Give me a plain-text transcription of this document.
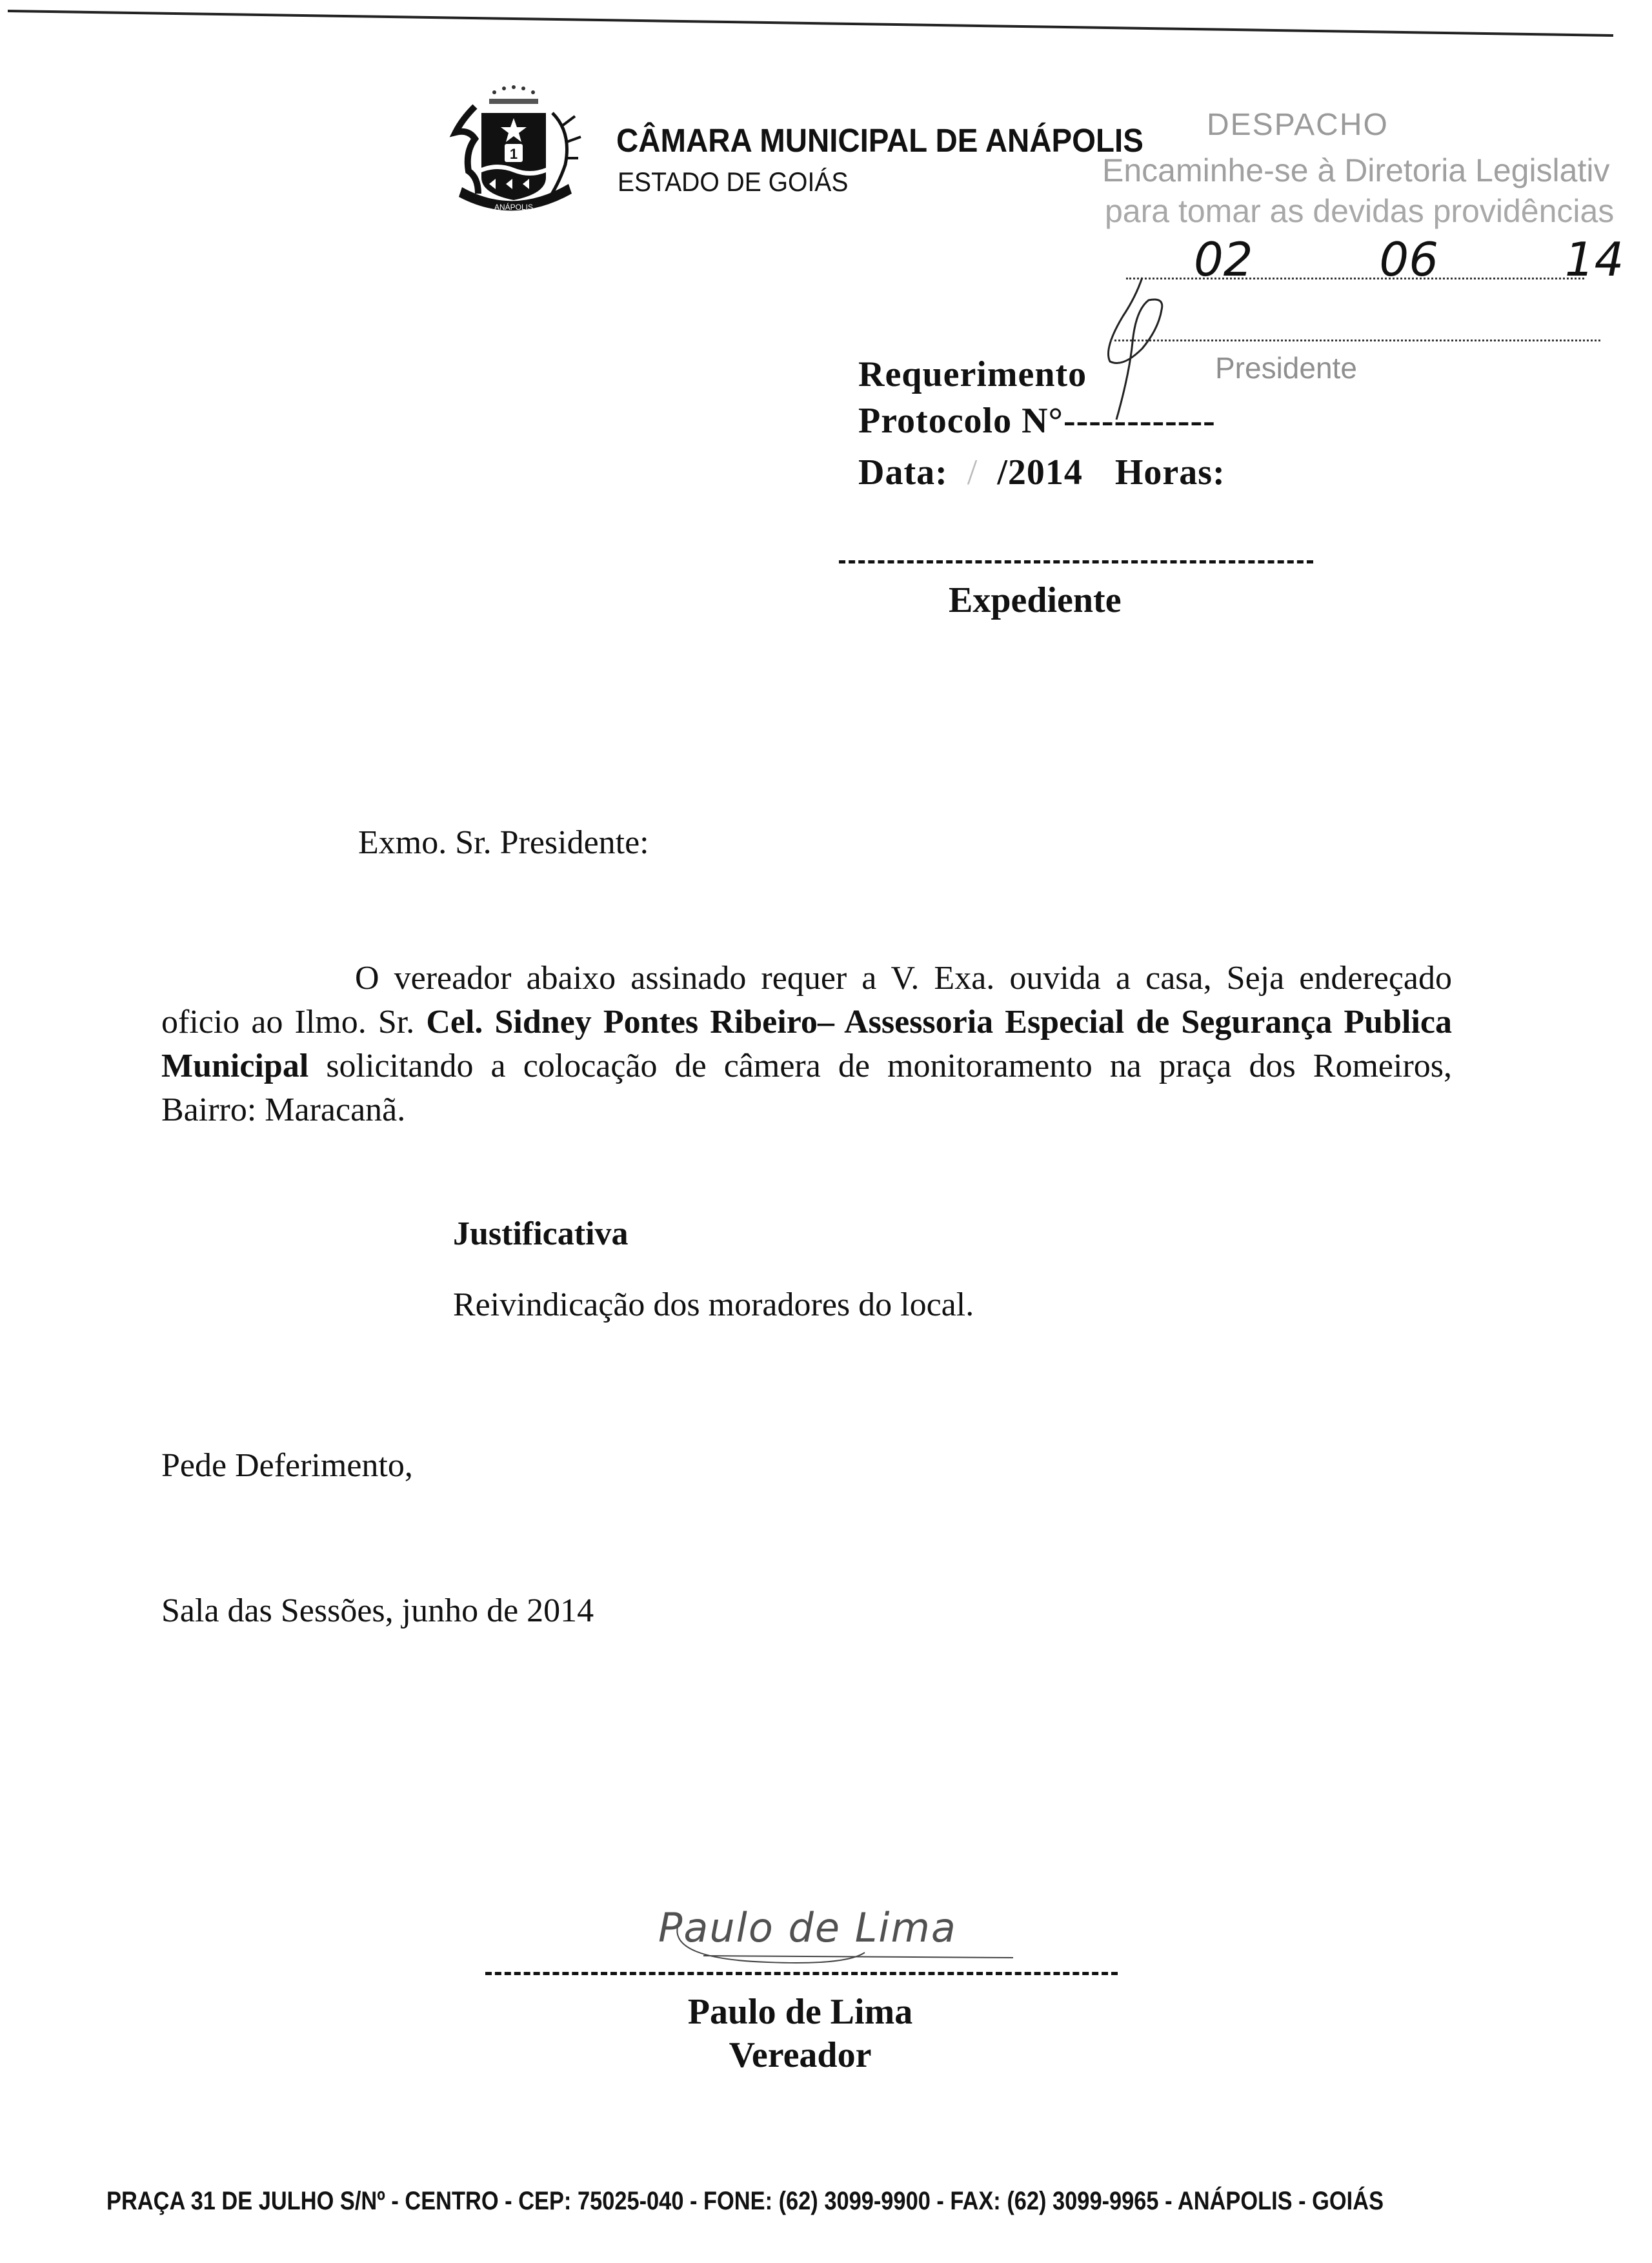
1
ANÁPOLIS
CÂMARA MUNICIPAL DE ANÁPOLIS
ESTADO DE GOIÁS
DESPACHO
Encaminhe-se à Diretoria Legislativ
para tomar as devidas providências
02	06	14
Presidente
Requerimento
Protocolo N°------------
Data:  /  /2014 Horas:
Expediente
Exmo. Sr. Presidente:
O vereador abaixo assinado requer a V. Exa. ouvida a casa, Seja endereçado oficio ao Ilmo. Sr. Cel. Sidney Pontes Ribeiro– Assessoria Especial de Segurança Publica Municipal solicitando a colocação de câmera de monitoramento na praça dos Romeiros, Bairro: Maracanã.
Justificativa
Reivindicação dos moradores do local.
Pede Deferimento,
Sala das Sessões, junho de 2014
Paulo de Lima
Paulo de Lima
Vereador
PRAÇA 31 DE JULHO S/Nº - CENTRO - CEP: 75025-040 - FONE: (62) 3099-9900 - FAX: (62) 3099-9965 - ANÁPOLIS - GOIÁS
